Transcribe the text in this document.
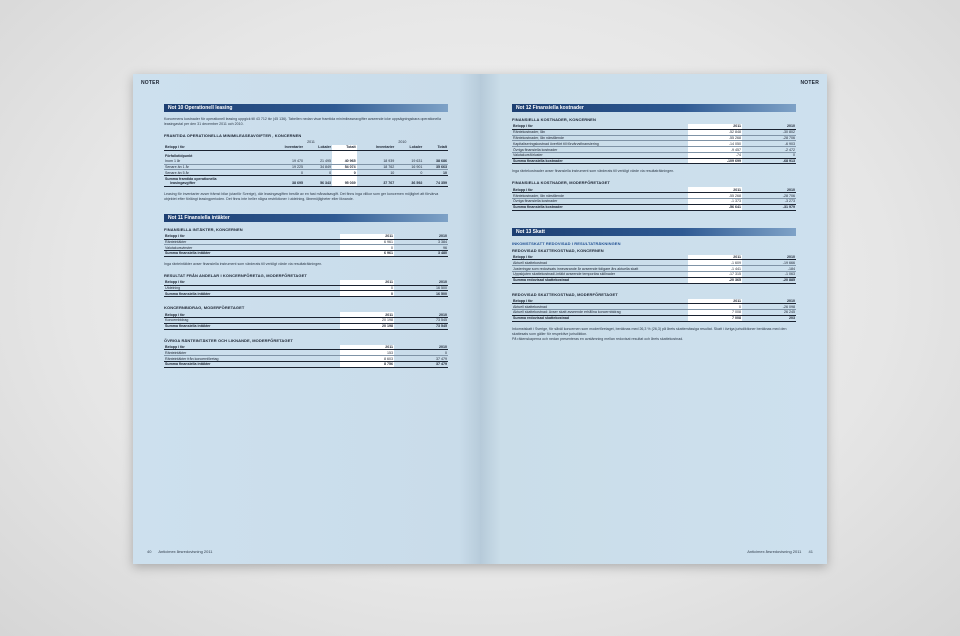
NOTER
Not 10 Operationell leasing

Koncernens kostnader för operationell leasing uppgick till 43 712 tkr (45 136). Tabellen nedan visar framtida minimileaseavgifter avseende icke uppsägningsbara operationella leasingavtal per den 31 december 2011 och 2010.

FRAMTIDA OPERATIONELLA MINIMILEASEAVGIFTER , KONCERNEN
	2011			2010		
Belopp i tkr	Inventarier	Lokaler	Totalt	Inventarier	Lokaler	Totalt

Förfallotidpunkt						
Inom 1 år	19 470	21 495	40 965	18 939	19 631	38 686
Senare än 1 år	19 225	34 849	54 074	18 762	16 901	35 663
Senare än 5 år	0	0	0	10	0	10
Summa framtida operationella						
leasingavgifter	38 695	56 343	95 039	37 767	36 592	74 359

Leasing för inventarier avser främst bilar (utanför Sverige), där leasingavgiften består av en fast månadsavgift. Det finns inga villkor som ger koncernen möjlighet att förvärva objektet efter förlängt leasingperioden. Det finns inte heller några restriktioner i utdelning, lånemöjligheter eller liknande.

Not 11 Finansiella intäkter
FINANSIELLA INTÄKTER, KONCERNEN
Belopp i tkr	2011	2010
Ränteintäkter	6 961	3 384
Valutakursvinster	0	96
Summa finansiella intäkter	6 961	3 480

Inga ränteintäkter avser finansiella instrument som värderats till verkligt värde via resultaträkningen.

RESULTAT FRÅN ANDELAR I KONCERNFÖRETAG, MODERFÖRETAGET
Belopp i tkr	2011	2010
Utdelning	0	16 500
Summa finansiella intäkter	0	16 500
KONCERNBIDRAG, MODERFÖRETAGET
Belopp i tkr	2011	2010
Koncernbidrag	20 198	73 545
Summa finansiella intäkter	20 198	73 545
ÖVRIGA RÄNTEINTÄKTER OCH LIKNANDE, MODERFÖRETAGET
Belopp i tkr	2011	2010
Ränteintäkter	153	0
Ränteintäkter från koncernföretag	8 603	37 479
Summa finansiella intäkter	8 756	37 479
40 Anticimex årsredovisning 2011
NOTER
Not 12 Finansiella kostnader
FINANSIELLA KOSTNADER, KONCERNEN
Belopp i tkr	2011	2010
Räntekostnader, lån	-52 848	-30 802
Räntekostnader, lån närstående	-55 268	-28 706
Kapitaliseringskostnad överfört till förvärvsfinansiering	-14 050	-6 903
Övriga finansiella kostnader	-9 457	-2 472
Valutakursförluster	-74	0
Summa finansiella kostnader	-109 699	-68 913

Inga räntekostnader avser finansiella instrument som värderats till verkligt värde via resultaträkningen.

FINANSIELLA KOSTNADER, MODERFÖRETAGET
Belopp i tkr	2011	2010
Räntekostnader, lån närstående	-55 268	-28 706
Övriga finansiella kostnader	-1 373	-3 273
Summa finansiella kostnader	-56 641	-31 979
Not 13 Skatt
INKOMSTSKATT REDOVISAD I RESULTATRÄKNINGEN
REDOVISAD SKATTEKOSTNAD, KONCERNEN
Belopp i tkr	2011	2010
Aktuell skattekostnad	-1 609	-19 666
Justeringar som redovisats innevarande år avseende tidigare års aktuella skatt	-1 441	-184
Uppskjuten skattekostnad/-intäkt avseende temporära skillnader	-17 315	-1 063
Summa redovisad skattekostnad	-20 365	-20 885
REDOVISAD SKATTEKOSTNAD, MODERFÖRETAGET
Belopp i tkr	2011	2010
Aktuell skattekostnad	0	-26 098
Aktuell skattekostnad: Avser skatt avseende erhållna koncernbidrag	7 008	26 245
Summa redovisad skattekostnad	7 008	203

Inkomstskatt i Sverige, för såväl koncernen som moderföretaget, beräknas med 26,3 % (26,3) på årets skattemässiga resultat. Skatt i övriga jurisdiktioner beräknas med den skattesats som gäller för respektive jurisdiktion.
På räkenskaperna och nedan presenteras en avstämning mellan redovisat resultat och årets skattekostnad.

Anticimex årsredovisning 2011 41
